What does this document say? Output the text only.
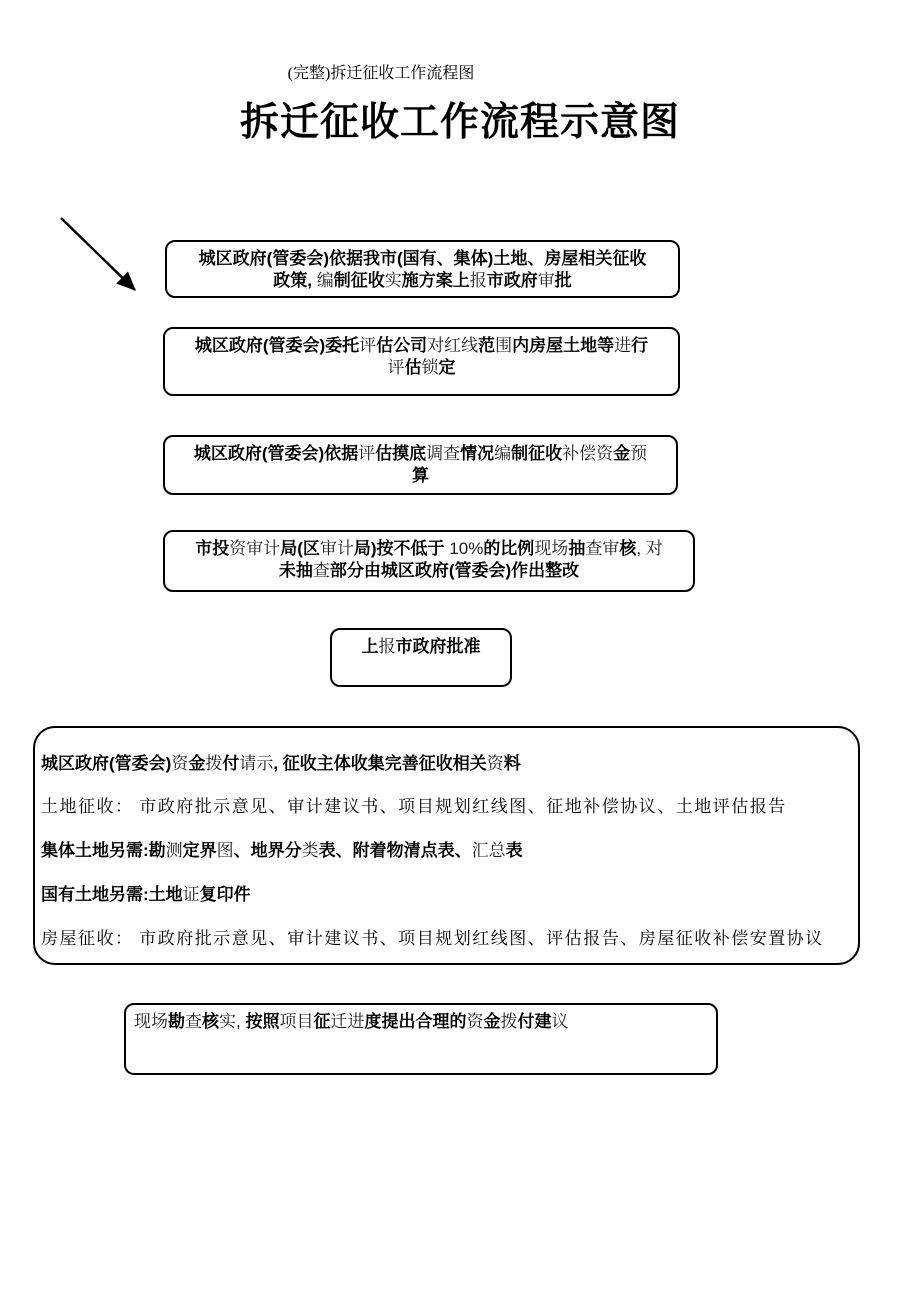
(完整)拆迁征收工作流程图
拆迁征收工作流程示意图
城区政府(管委会)依据我市(国有、集体)土地、房屋相关征收
政策, 编制征收实施方案上报市政府审批
城区政府(管委会)委托评估公司对红线范围内房屋土地等进行
评估锁定
城区政府(管委会)依据评估摸底调查情况编制征收补偿资金预
算
市投资审计局(区审计局)按不低于 10%的比例现场抽查审核, 对
未抽查部分由城区政府(管委会)作出整改
上报市政府批准
城区政府(管委会)资金拨付请示, 征收主体收集完善征收相关资料
土地征收： 市政府批示意见、审计建议书、项目规划红线图、征地补偿协议、土地评估报告
集体土地另需:勘测定界图、地界分类表、附着物清点表、汇总表
国有土地另需:土地证复印件
房屋征收： 市政府批示意见、审计建议书、项目规划红线图、评估报告、房屋征收补偿安置协议
现场勘查核实, 按照项目征迁进度提出合理的资金拨付建议
